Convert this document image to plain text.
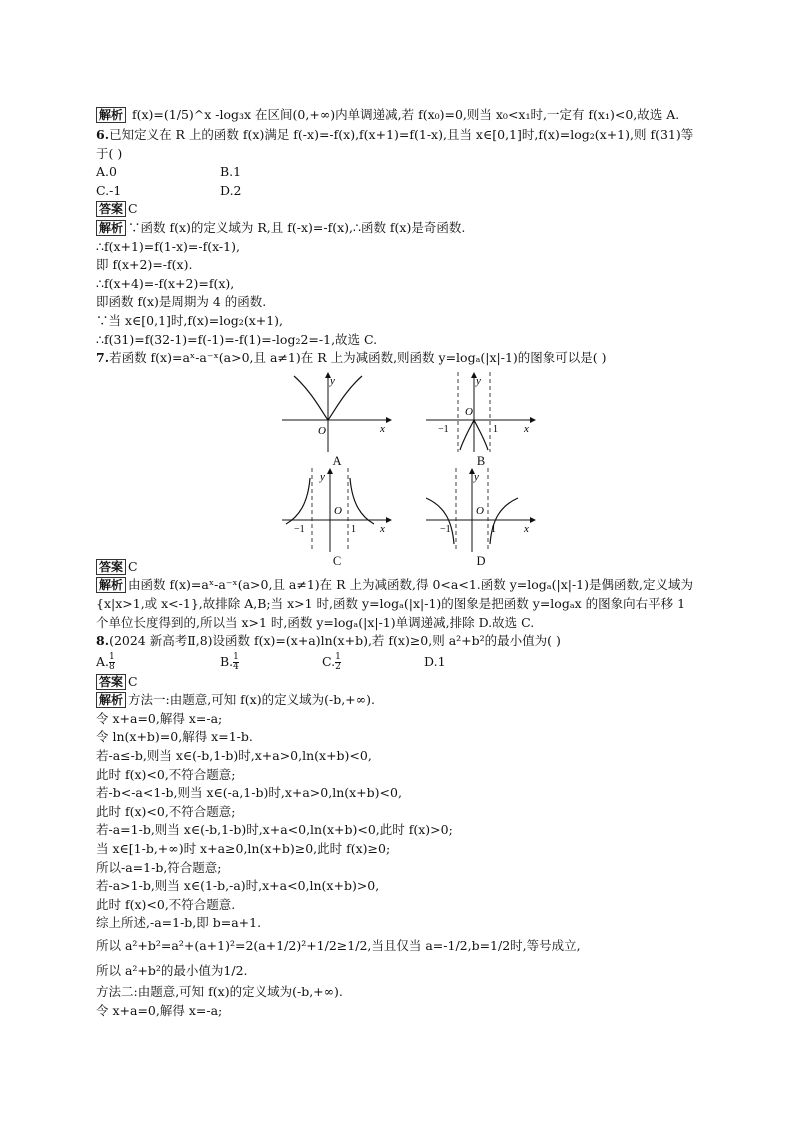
解析 f(x)=(1/5)^x -log₃x 在区间(0,+∞)内单调递减,若 f(x₀)=0,则当 x₀<x₁时,一定有 f(x₁)<0,故选 A.
6.已知定义在 R 上的函数 f(x)满足 f(-x)=-f(x),f(x+1)=f(1-x),且当 x∈[0,1]时,f(x)=log₂(x+1),则 f(31)等
于( )
A.0	B.1
C.-1	D.2
答案 C
解析 ∵函数 f(x)的定义域为 R,且 f(-x)=-f(x),∴函数 f(x)是奇函数.
∴f(x+1)=f(1-x)=-f(x-1),
即 f(x+2)=-f(x).
∴f(x+4)=-f(x+2)=f(x),
即函数 f(x)是周期为 4 的函数.
∵当 x∈[0,1]时,f(x)=log₂(x+1),
∴f(31)=f(32-1)=f(-1)=-f(1)=-log₂2=-1,故选 C.
7.若函数 f(x)=aˣ-a⁻ˣ(a>0,且 a≠1)在 R 上为减函数,则函数 y=logₐ(|x|-1)的图象可以是( )
y
x
O
A
y
x
O
−1	1
B
y
x
O
−1	1
C
y
x
O
−1	1
D
答案 C
解析 由函数 f(x)=aˣ-a⁻ˣ(a>0,且 a≠1)在 R 上为减函数,得 0<a<1.函数 y=logₐ(|x|-1)是偶函数,定义域为
{x|x>1,或 x<-1},故排除 A,B;当 x>1 时,函数 y=logₐ(|x|-1)的图象是把函数 y=logₐx 的图象向右平移 1
个单位长度得到的,所以当 x>1 时,函数 y=logₐ(|x|-1)单调递减,排除 D.故选 C.
8.(2024 新高考Ⅱ,8)设函数 f(x)=(x+a)ln(x+b),若 f(x)≥0,则 a²+b²的最小值为( )
A. $\frac{1}{8}$	B. $\frac{1}{4}$	C. $\frac{1}{2}$	D.1
答案 C
解析 方法一:由题意,可知 f(x)的定义域为(-b,+∞).
令 x+a=0,解得 x=-a;
令 ln(x+b)=0,解得 x=1-b.
若-a≤-b,则当 x∈(-b,1-b)时,x+a>0,ln(x+b)<0,
此时 f(x)<0,不符合题意;
若-b<-a<1-b,则当 x∈(-a,1-b)时,x+a>0,ln(x+b)<0,
此时 f(x)<0,不符合题意;
若-a=1-b,则当 x∈(-b,1-b)时,x+a<0,ln(x+b)<0,此时 f(x)>0;
当 x∈[1-b,+∞)时 x+a≥0,ln(x+b)≥0,此时 f(x)≥0;
所以-a=1-b,符合题意;
若-a>1-b,则当 x∈(1-b,-a)时,x+a<0,ln(x+b)>0,
此时 f(x)<0,不符合题意.
综上所述,-a=1-b,即 b=a+1.
所以 a²+b²=a²+(a+1)²=2(a+1/2)²+1/2≥1/2,当且仅当 a=-1/2,b=1/2时,等号成立,
所以 a²+b²的最小值为1/2.
方法二:由题意,可知 f(x)的定义域为(-b,+∞).
令 x+a=0,解得 x=-a;
